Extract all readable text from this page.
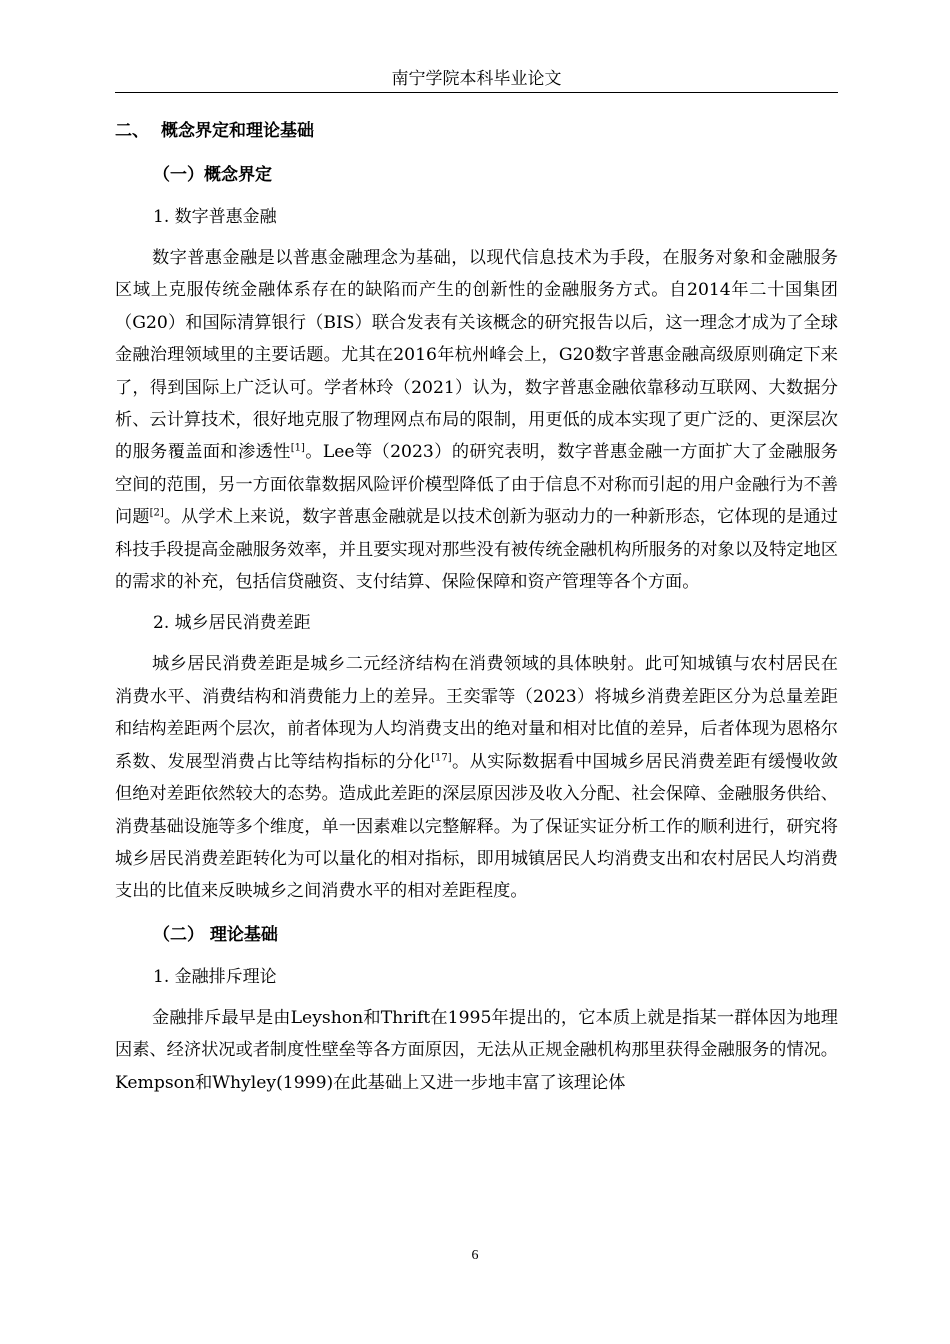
南宁学院本科毕业论文
二、 概念界定和理论基础
（一）概念界定
1. 数字普惠金融

数字普惠金融是以普惠金融理念为基础，以现代信息技术为手段，在服务对象和金融服务区域上克服传统金融体系存在的缺陷而产生的创新性的金融服务方式。自2014年二十国集团（G20）和国际清算银行（BIS）联合发表有关该概念的研究报告以后，这一理念才成为了全球金融治理领域里的主要话题。尤其在2016年杭州峰会上，G20数字普惠金融高级原则确定下来了，得到国际上广泛认可。学者林玲（2021）认为，数字普惠金融依靠移动互联网、大数据分析、云计算技术，很好地克服了物理网点布局的限制，用更低的成本实现了更广泛的、更深层次的服务覆盖面和渗透性[1]。Lee等（2023）的研究表明，数字普惠金融一方面扩大了金融服务空间的范围，另一方面依靠数据风险评价模型降低了由于信息不对称而引起的用户金融行为不善问题[2]。从学术上来说，数字普惠金融就是以技术创新为驱动力的一种新形态，它体现的是通过科技手段提高金融服务效率，并且要实现对那些没有被传统金融机构所服务的对象以及特定地区的需求的补充，包括信贷融资、支付结算、保险保障和资产管理等各个方面。

2. 城乡居民消费差距

城乡居民消费差距是城乡二元经济结构在消费领域的具体映射。此可知城镇与农村居民在消费水平、消费结构和消费能力上的差异。王奕霏等（2023）将城乡消费差距区分为总量差距和结构差距两个层次，前者体现为人均消费支出的绝对量和相对比值的差异，后者体现为恩格尔系数、发展型消费占比等结构指标的分化[17]。从实际数据看中国城乡居民消费差距有缓慢收敛但绝对差距依然较大的态势。造成此差距的深层原因涉及收入分配、社会保障、金融服务供给、消费基础设施等多个维度，单一因素难以完整解释。为了保证实证分析工作的顺利进行，研究将城乡居民消费差距转化为可以量化的相对指标，即用城镇居民人均消费支出和农村居民人均消费支出的比值来反映城乡之间消费水平的相对差距程度。

（二） 理论基础
1. 金融排斥理论

金融排斥最早是由Leyshon和Thrift在1995年提出的，它本质上就是指某一群体因为地理因素、经济状况或者制度性壁垒等各方面原因，无法从正规金融机构那里获得金融服务的情况。Kempson和Whyley(1999)在此基础上又进一步地丰富了该理论体

6
